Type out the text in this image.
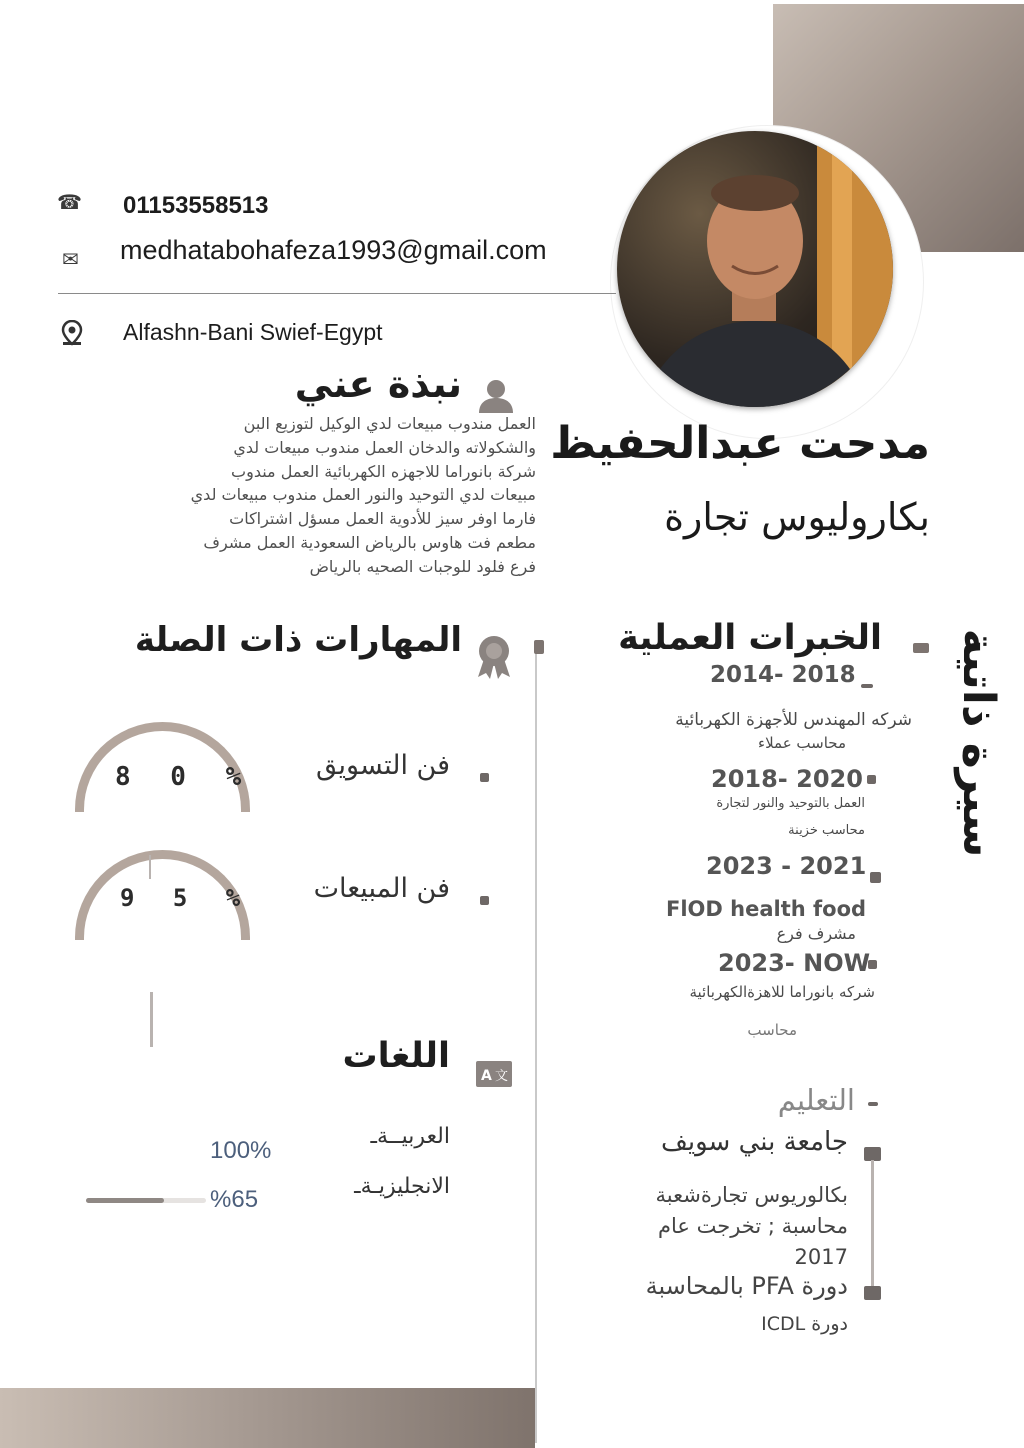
☎ 01153558513
✉ medhatabohafeza1993@gmail.com
Alfashn-Bani Swief-Egypt
نبذة عني
العمل مندوب مبيعات لدي الوكيل لتوزيع البن
والشكولاته والدخان العمل مندوب مبيعات لدي
شركة بانوراما للاجهزه الكهربائية العمل مندوب
مبيعات لدي التوحيد والنور العمل مندوب مبيعات لدي
فارما اوفر سيز للأدوية العمل مسؤل اشتراكات
مطعم فت هاوس بالرياض السعودية العمل مشرف
فرع فلود للوجبات الصحيه بالرياض
مدحت عبدالحفيظ
بكاروليوس تجارة
سيرة ذاتية
الخبرات العملية
2014- 2018
شركه المهندس للأجهزة الكهربائية
محاسب عملاء
2018- 2020
العمل بالتوحيد والنور لتجارة
محاسب خزينة
2023 - 2021
FlOD health food
مشرف فرع
2023- NOW
شركه بانوراما للاهزةالكهربائية
محاسب
التعليم
جامعة بني سويف
بكالوريوس تجارةشعبة
محاسبة ; تخرجت عام
2017
دورة PFA بالمحاسبة
دورة ICDL
المهارات ذات الصلة
8 0 %	فن التسويق
9 5 %	فن المبيعات
A 文
اللغات
العربيــةـ
100%
الانجليزيـةـ
%65
